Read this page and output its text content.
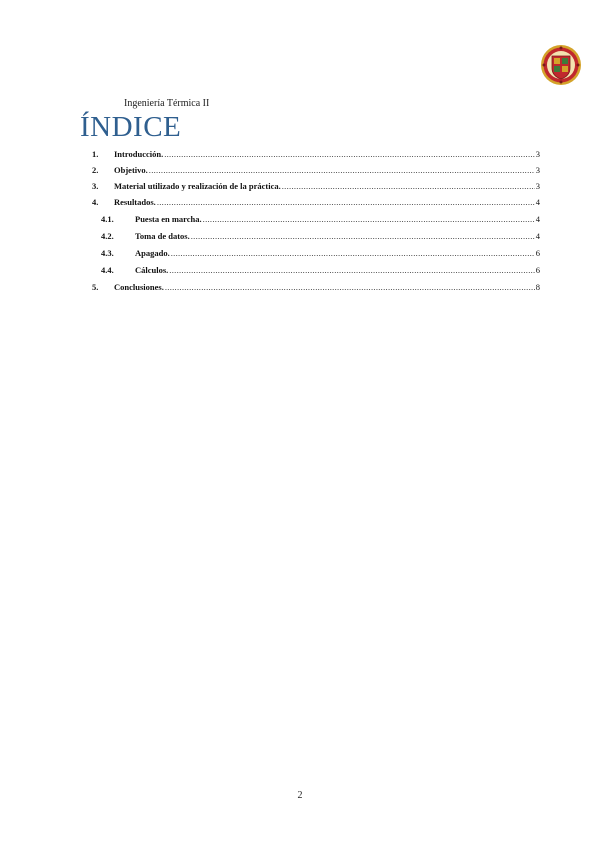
Ingeniería Térmica II
ÍNDICE
1.	Introducción. .....	3
2.	Objetivo. .....	3
3.	Material utilizado y realización de la práctica. .....	3
4.	Resultados. .....	4
4.1.	Puesta en marcha. .....	4
4.2.	Toma de datos. .....	4
4.3.	Apagado. .....	6
4.4.	Cálculos. .....	6
5.	Conclusiones. .....	8
2
